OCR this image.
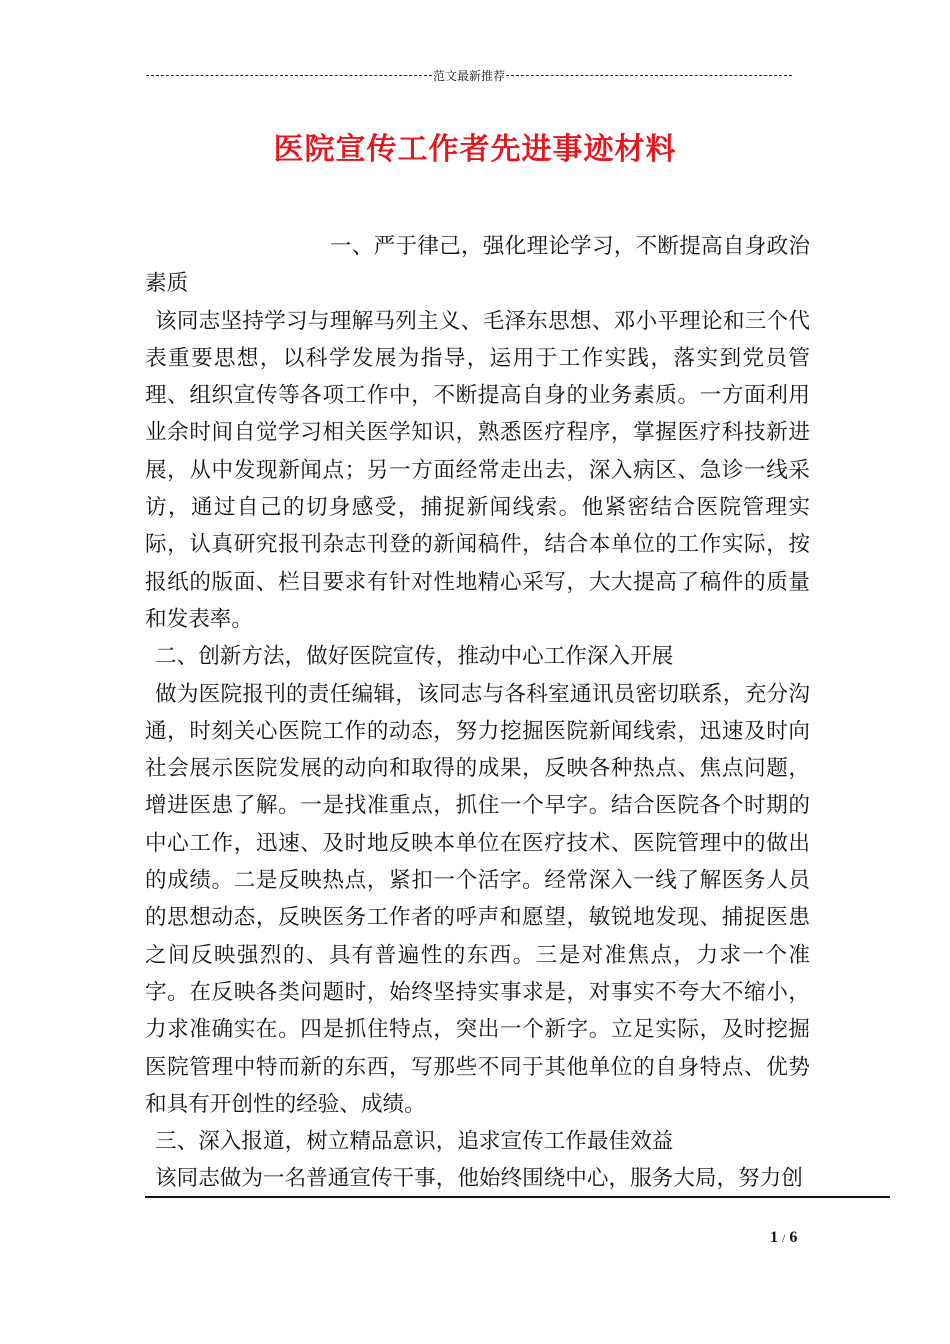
范文最新推荐
医院宣传工作者先进事迹材料

一、严于律己，强化理论学习，不断提高自身政治素质

该同志坚持学习与理解马列主义、毛泽东思想、邓小平理论和三个代表重要思想，以科学发展为指导，运用于工作实践，落实到党员管理、组织宣传等各项工作中，不断提高自身的业务素质。一方面利用业余时间自觉学习相关医学知识，熟悉医疗程序，掌握医疗科技新进展，从中发现新闻点；另一方面经常走出去，深入病区、急诊一线采访，通过自己的切身感受，捕捉新闻线索。他紧密结合医院管理实际，认真研究报刊杂志刊登的新闻稿件，结合本单位的工作实际，按报纸的版面、栏目要求有针对性地精心采写，大大提高了稿件的质量和发表率。

二、创新方法，做好医院宣传，推动中心工作深入开展

做为医院报刊的责任编辑，该同志与各科室通讯员密切联系，充分沟通，时刻关心医院工作的动态，努力挖掘医院新闻线索，迅速及时向社会展示医院发展的动向和取得的成果，反映各种热点、焦点问题，增进医患了解。一是找准重点，抓住一个早字。结合医院各个时期的中心工作，迅速、及时地反映本单位在医疗技术、医院管理中的做出的成绩。二是反映热点，紧扣一个活字。经常深入一线了解医务人员的思想动态，反映医务工作者的呼声和愿望，敏锐地发现、捕捉医患之间反映强烈的、具有普遍性的东西。三是对准焦点，力求一个准字。在反映各类问题时，始终坚持实事求是，对事实不夸大不缩小，力求准确实在。四是抓住特点，突出一个新字。立足实际，及时挖掘医院管理中特而新的东西，写那些不同于其他单位的自身特点、优势和具有开创性的经验、成绩。

三、深入报道，树立精品意识，追求宣传工作最佳效益

该同志做为一名普通宣传干事，他始终围绕中心，服务大局，努力创

1 / 6
